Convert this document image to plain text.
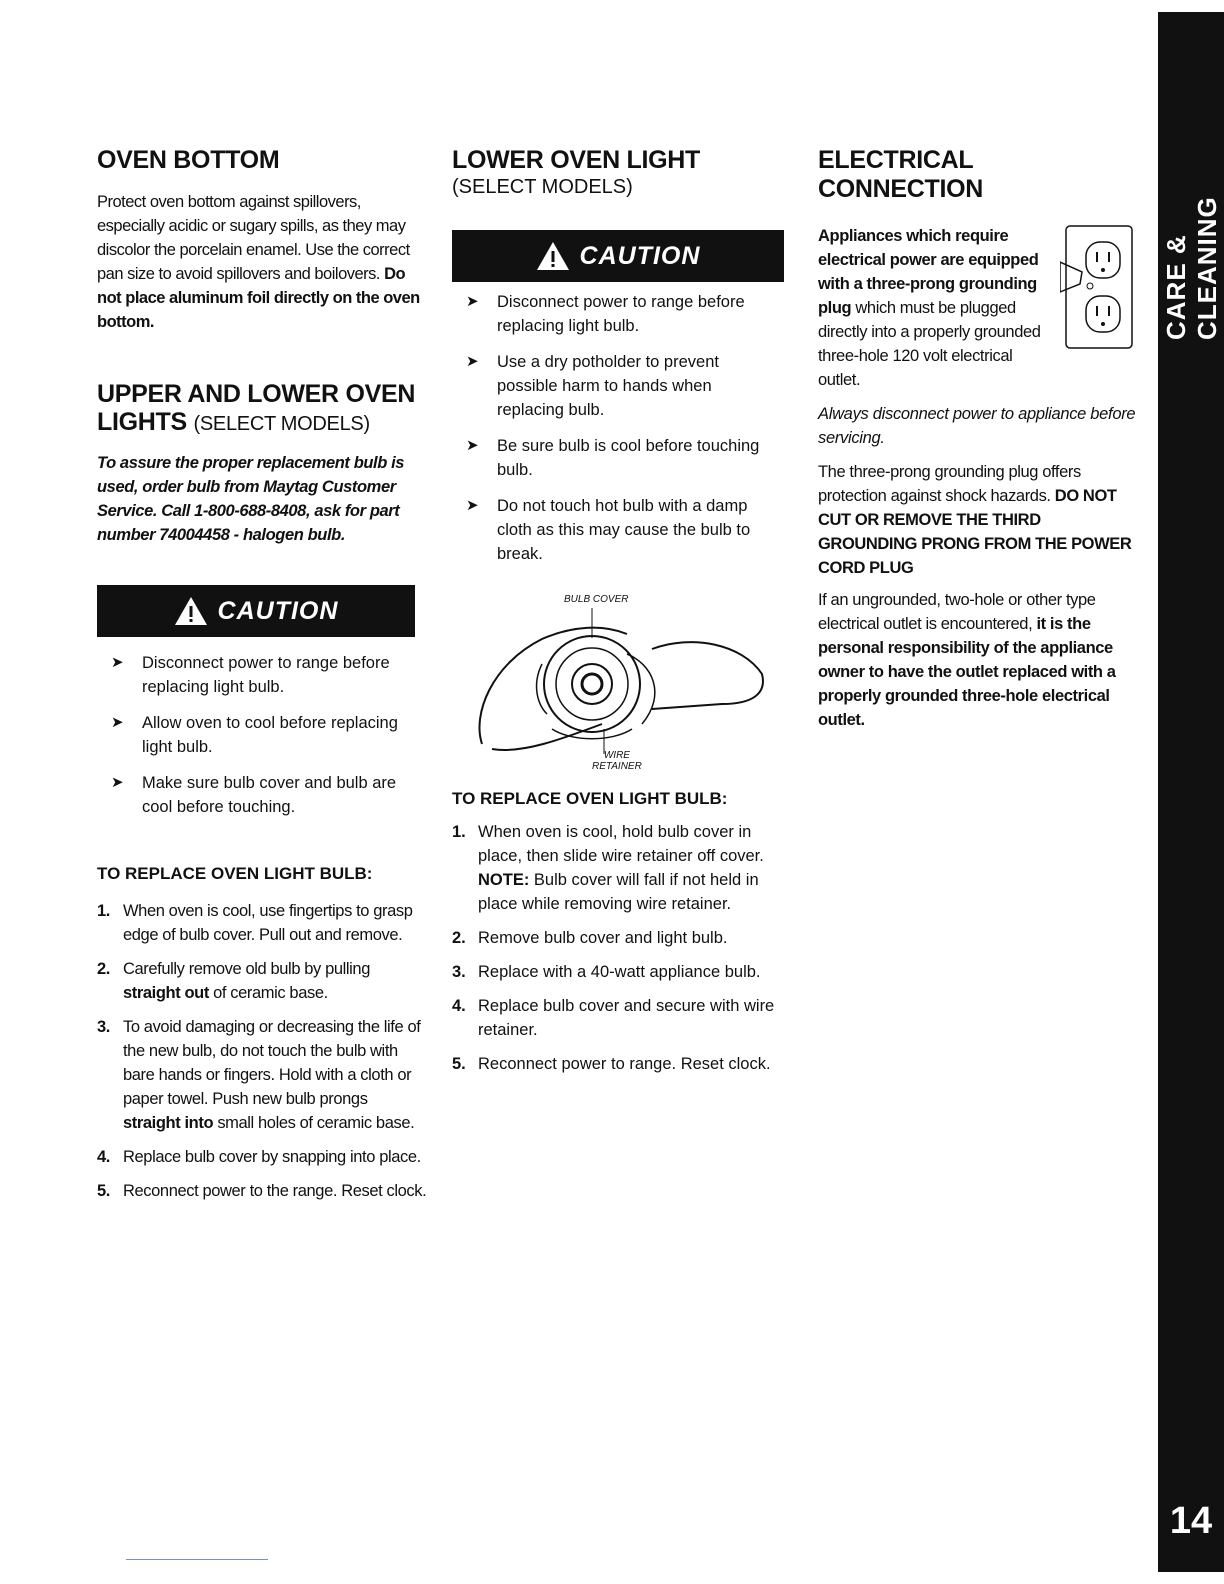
OVEN BOTTOM

Protect oven bottom against spillovers, especially acidic or sugary spills, as they may discolor the porcelain enamel. Use the correct pan size to avoid spillovers and boilovers. Do not place aluminum foil directly on the oven bottom.

UPPER AND LOWER OVEN
LIGHTS (SELECT MODELS)

To assure the proper replacement bulb is used, order bulb from Maytag Customer Service. Call 1-800-688-8408, ask for part number 74004458 - halogen bulb.

CAUTION
➤ Disconnect power to range before replacing light bulb.
➤ Allow oven to cool before replacing light bulb.
➤ Make sure bulb cover and bulb are cool before touching.
TO REPLACE OVEN LIGHT BULB:
1. When oven is cool, use fingertips to grasp edge of bulb cover. Pull out and remove.
2. Carefully remove old bulb by pulling straight out of ceramic base.
3. To avoid damaging or decreasing the life of the new bulb, do not touch the bulb with bare hands or fingers. Hold with a cloth or paper towel. Push new bulb prongs straight into small holes of ceramic base.
4. Replace bulb cover by snapping into place.
5. Reconnect power to the range. Reset clock.
LOWER OVEN LIGHT
(SELECT MODELS)
CAUTION
➤ Disconnect power to range before replacing light bulb.
➤ Use a dry potholder to prevent possible harm to hands when replacing bulb.
➤ Be sure bulb is cool before touching bulb.
➤ Do not touch hot bulb with a damp cloth as this may cause the bulb to break.
BULB COVER
WIRE
RETAINER
TO REPLACE OVEN LIGHT BULB:
1. When oven is cool, hold bulb cover in place, then slide wire retainer off cover. NOTE: Bulb cover will fall if not held in place while removing wire retainer.
2. Remove bulb cover and light bulb.
3. Replace with a 40-watt appliance bulb.
4. Replace bulb cover and secure with wire retainer.
5. Reconnect power to range. Reset clock.
ELECTRICAL
CONNECTION

Appliances which require electrical power are equipped with a three-prong grounding plug which must be plugged directly into a properly grounded three-hole 120 volt electrical outlet.

Always disconnect power to appliance before servicing.

The three-prong grounding plug offers protection against shock hazards. DO NOT CUT OR REMOVE THE THIRD GROUNDING PRONG FROM THE POWER CORD PLUG

If an ungrounded, two-hole or other type electrical outlet is encountered, it is the personal responsibility of the appliance owner to have the outlet replaced with a properly grounded three-hole electrical outlet.

CARE & CLEANING
14
